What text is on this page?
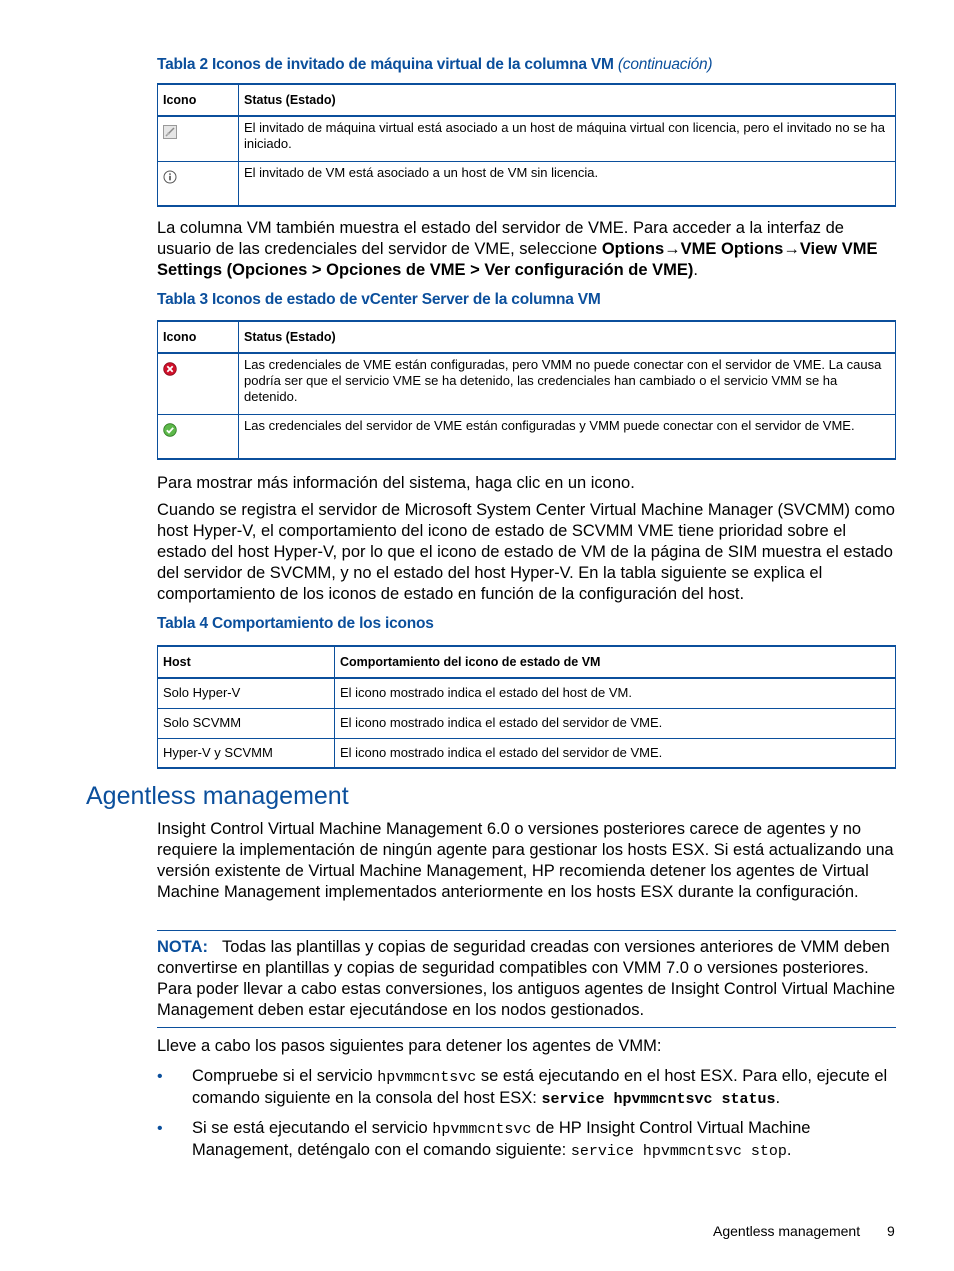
Tabla 2 Iconos de invitado de máquina virtual de la columna VM (continuación)
Icono	Status (Estado)

	El invitado de máquina virtual está asociado a un host de máquina virtual con licencia, pero el invitado no se ha iniciado.

	El invitado de VM está asociado a un host de VM sin licencia.
La columna VM también muestra el estado del servidor de VME. Para acceder a la interfaz de usuario de las credenciales del servidor de VME, seleccione Options→VME Options→View VME Settings (Opciones > Opciones de VME > Ver configuración de VME).
Tabla 3 Iconos de estado de vCenter Server de la columna VM
Icono	Status (Estado)

	Las credenciales de VME están configuradas, pero VMM no puede conectar con el servidor de VME. La causa podría ser que el servicio VME se ha detenido, las credenciales han cambiado o el servicio VMM se ha detenido.

	Las credenciales del servidor de VME están configuradas y VMM puede conectar con el servidor de VME.
Para mostrar más información del sistema, haga clic en un icono.
Cuando se registra el servidor de Microsoft System Center Virtual Machine Manager (SVCMM) como host Hyper-V, el comportamiento del icono de estado de SCVMM VME tiene prioridad sobre el estado del host Hyper-V, por lo que el icono de estado de VM de la página de SIM muestra el estado del servidor de SVCMM, y no el estado del host Hyper-V. En la tabla siguiente se explica el comportamiento de los iconos de estado en función de la configuración del host.
Tabla 4 Comportamiento de los iconos
Host	Comportamiento del icono de estado de VM
Solo Hyper-V	El icono mostrado indica el estado del host de VM.
Solo SCVMM	El icono mostrado indica el estado del servidor de VME.
Hyper-V y SCVMM	El icono mostrado indica el estado del servidor de VME.
Agentless management
Insight Control Virtual Machine Management 6.0 o versiones posteriores carece de agentes y no requiere la implementación de ningún agente para gestionar los hosts ESX. Si está actualizando una versión existente de Virtual Machine Management, HP recomienda detener los agentes de Virtual Machine Management implementados anteriormente en los hosts ESX durante la configuración.
NOTA: Todas las plantillas y copias de seguridad creadas con versiones anteriores de VMM deben convertirse en plantillas y copias de seguridad compatibles con VMM 7.0 o versiones posteriores. Para poder llevar a cabo estas conversiones, los antiguos agentes de Insight Control Virtual Machine Management deben estar ejecutándose en los nodos gestionados.
Lleve a cabo los pasos siguientes para detener los agentes de VMM:
• Compruebe si el servicio hpvmmcntsvc se está ejecutando en el host ESX. Para ello, ejecute el comando siguiente en la consola del host ESX: service hpvmmcntsvc status.
• Si se está ejecutando el servicio hpvmmcntsvc de HP Insight Control Virtual Machine Management, deténgalo con el comando siguiente: service hpvmmcntsvc stop.
Agentless management 9
